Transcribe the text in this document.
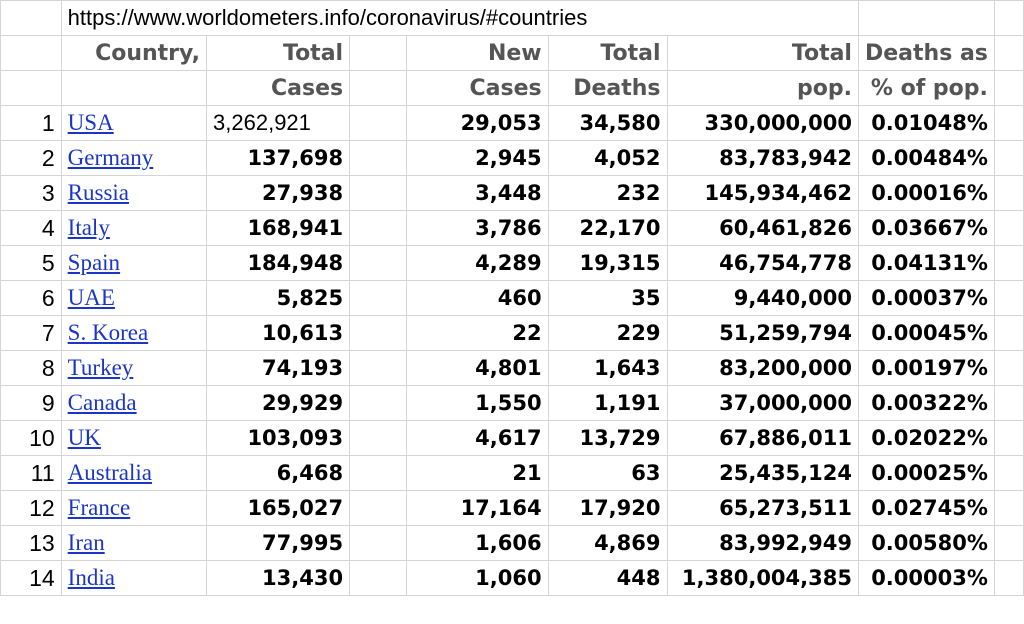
	https://www.worldometers.info/coronavirus/#countries							
	Country,	Total		New	Total	Total	Deaths as	
		Cases		Cases	Deaths	pop.	% of pop.	
1	USA	3,262,921		29,053	34,580	330,000,000	0.01048%	
2	Germany	137,698		2,945	4,052	83,783,942	0.00484%	
3	Russia	27,938		3,448	232	145,934,462	0.00016%	
4	Italy	168,941		3,786	22,170	60,461,826	0.03667%	
5	Spain	184,948		4,289	19,315	46,754,778	0.04131%	
6	UAE	5,825		460	35	9,440,000	0.00037%	
7	S. Korea	10,613		22	229	51,259,794	0.00045%	
8	Turkey	74,193		4,801	1,643	83,200,000	0.00197%	
9	Canada	29,929		1,550	1,191	37,000,000	0.00322%	
10	UK	103,093		4,617	13,729	67,886,011	0.02022%	
11	Australia	6,468		21	63	25,435,124	0.00025%	
12	France	165,027		17,164	17,920	65,273,511	0.02745%	
13	Iran	77,995		1,606	4,869	83,992,949	0.00580%	
14	India	13,430		1,060	448	1,380,004,385	0.00003%	
